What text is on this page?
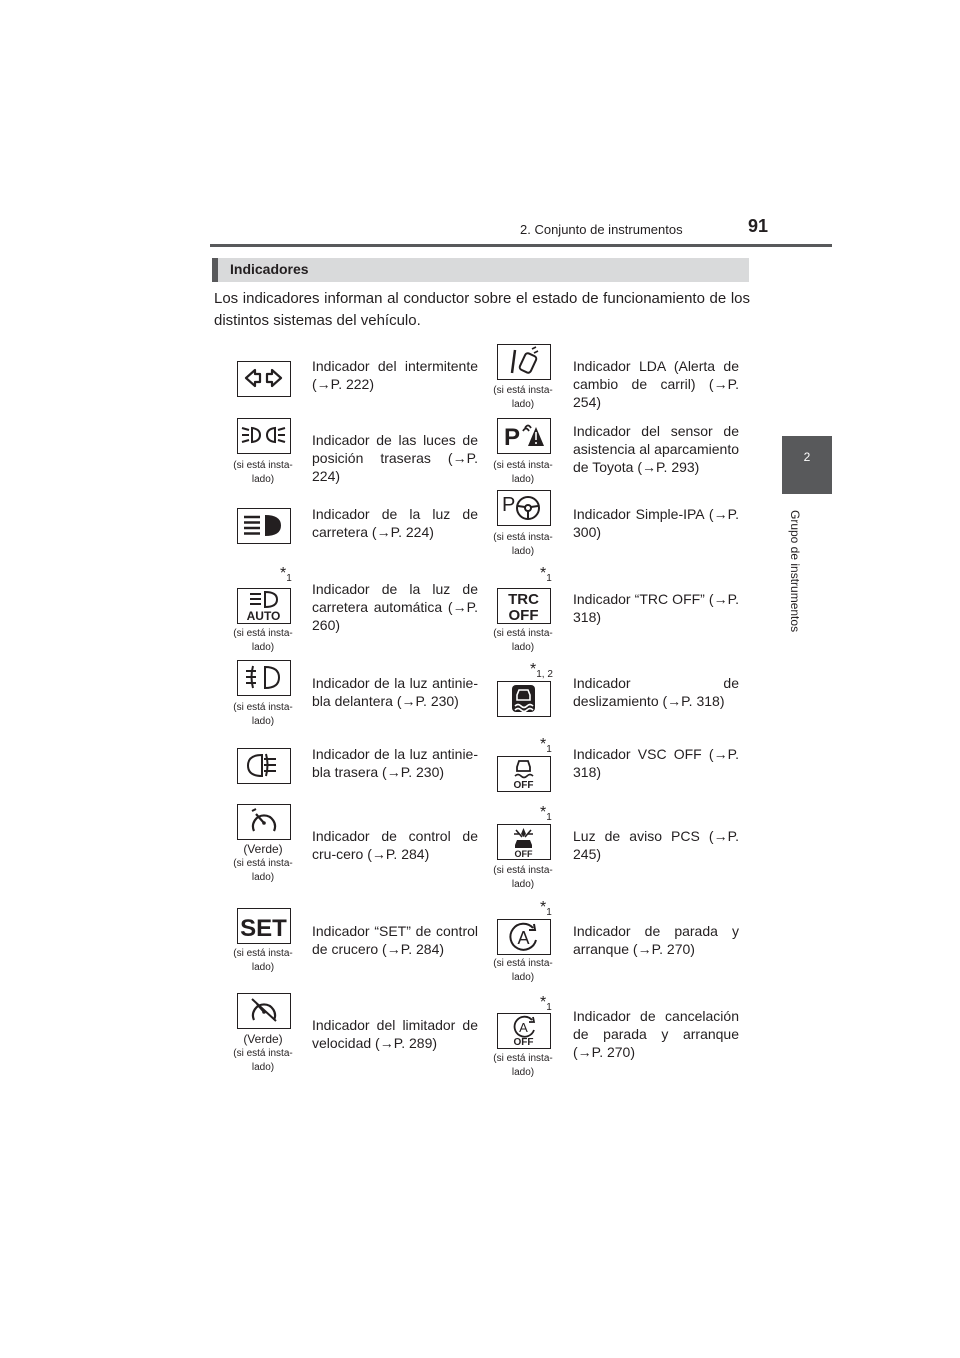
2. Conjunto de instrumentos	91
2
Grupo de instrumentos
Indicadores
Los indicadores informan al conductor sobre el estado de funcionamiento de los distintos sistemas del vehículo.
Indicador del intermitente (→P. 222)
(si está insta-
lado)
Indicador de las luces de posición traseras (→P. 224)
Indicador de la luz de carretera (→P. 224)
$*_1$
AUTO
(si está insta-
lado)
Indicador de la luz de carretera automática (→P. 260)
(si está insta-
lado)
Indicador de la luz antinie-bla delantera (→P. 230)
Indicador de la luz antinie-bla trasera (→P. 230)
(Verde)
(si está insta-
lado)
Indicador de control de cru-cero (→P. 284)
SET
(si está insta-
lado)
Indicador “SET” de control de crucero (→P. 284)
(Verde)
(si está insta-
lado)
Indicador del limitador de velocidad (→P. 289)
(si está insta-
lado)
Indicador LDA (Alerta de cambio de carril) (→P. 254)
P
(si está insta-
lado)
Indicador del sensor de asistencia al aparcamiento de Toyota (→P. 293)
P
(si está insta-
lado)
Indicador Simple-IPA (→P. 300)
$*_1$
TRC
OFF
(si está insta-
lado)
Indicador “TRC OFF” (→P. 318)
$*_{1, 2}$
Indicador de deslizamiento (→P. 318)
$*_1$
OFF
Indicador VSC OFF (→P. 318)
$*_1$
OFF
(si está insta-
lado)
Luz de aviso PCS (→P. 245)
$*_1$
A
(si está insta-
lado)
Indicador de parada y arranque (→P. 270)
$*_1$
A
OFF
(si está insta-
lado)
Indicador de cancelación de parada y arranque (→P. 270)
